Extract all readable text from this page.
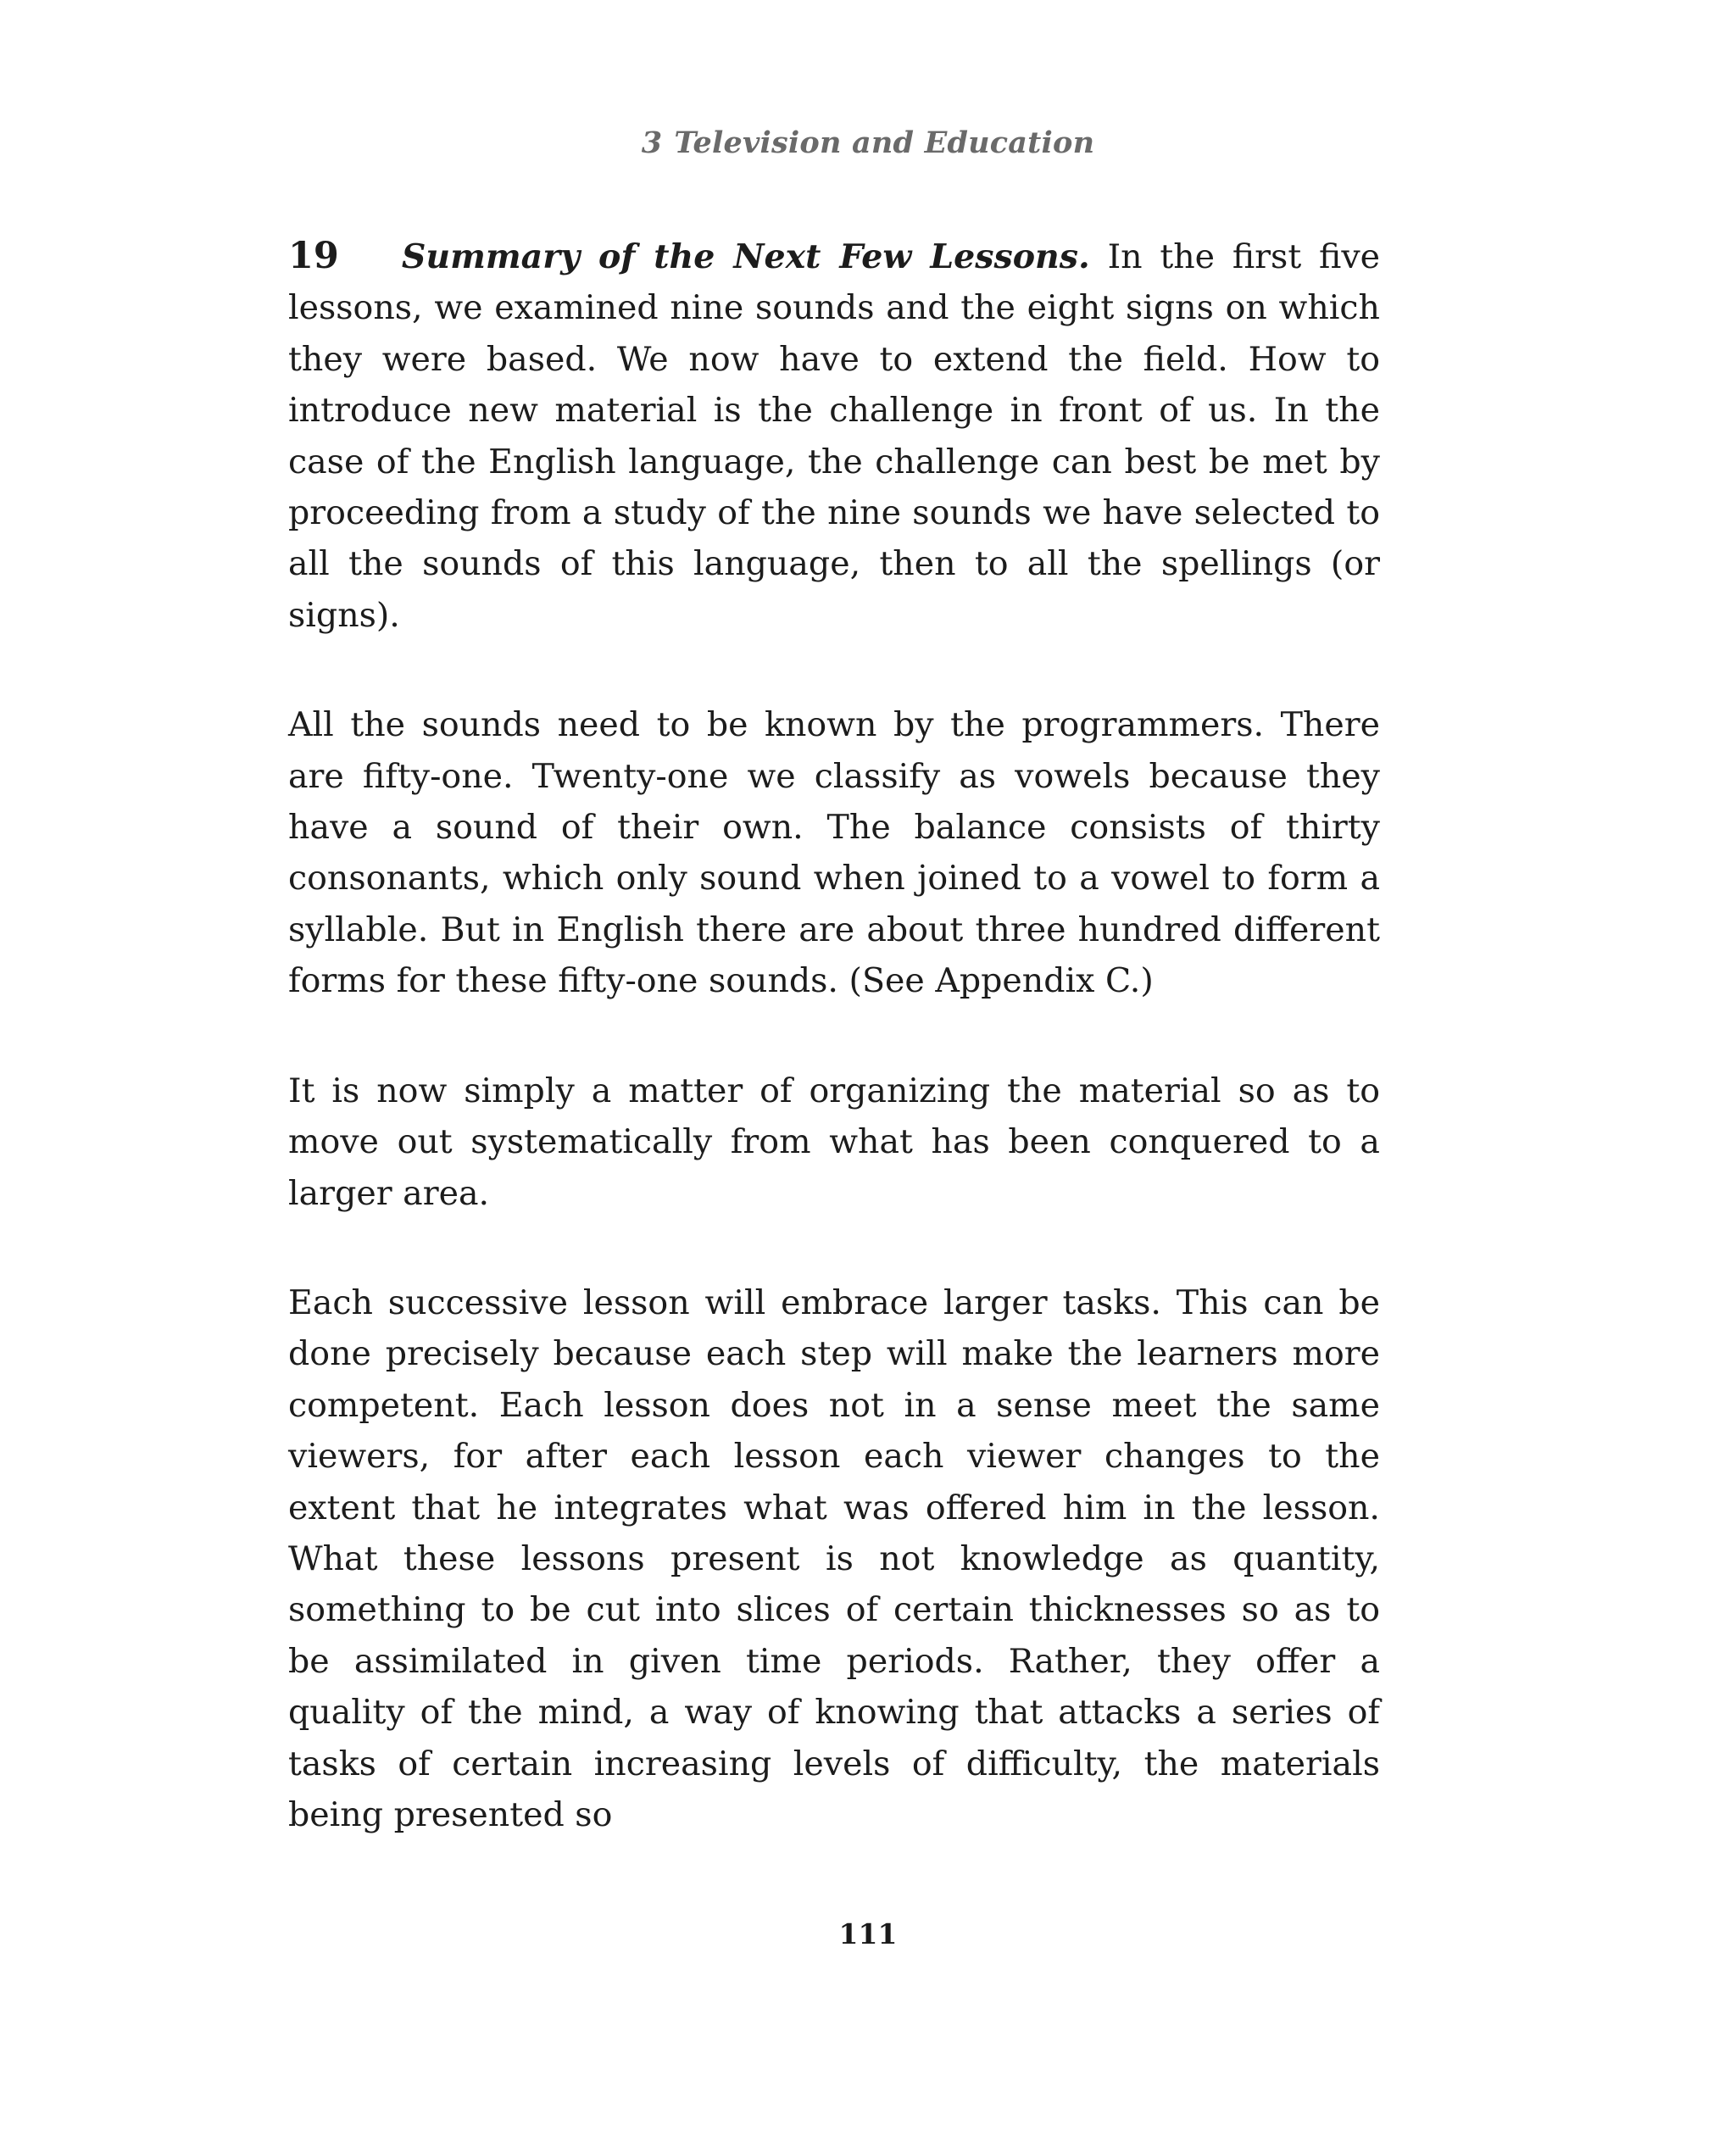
3 Television and Education

19 Summary of the Next Few Lessons. In the first five lessons, we examined nine sounds and the eight signs on which they were based. We now have to extend the field. How to introduce new material is the challenge in front of us. In the case of the English language, the challenge can best be met by proceeding from a study of the nine sounds we have selected to all the sounds of this language, then to all the spellings (or signs).

All the sounds need to be known by the programmers. There are fifty-one. Twenty-one we classify as vowels because they have a sound of their own. The balance consists of thirty consonants, which only sound when joined to a vowel to form a syllable. But in English there are about three hundred different forms for these fifty-one sounds. (See Appendix C.)

It is now simply a matter of organizing the material so as to move out systematically from what has been conquered to a larger area.

Each successive lesson will embrace larger tasks. This can be done precisely because each step will make the learners more competent. Each lesson does not in a sense meet the same viewers, for after each lesson each viewer changes to the extent that he integrates what was offered him in the lesson. What these lessons present is not knowledge as quantity, something to be cut into slices of certain thicknesses so as to be assimilated in given time periods. Rather, they offer a quality of the mind, a way of knowing that attacks a series of tasks of certain increasing levels of difficulty, the materials being presented so

111
